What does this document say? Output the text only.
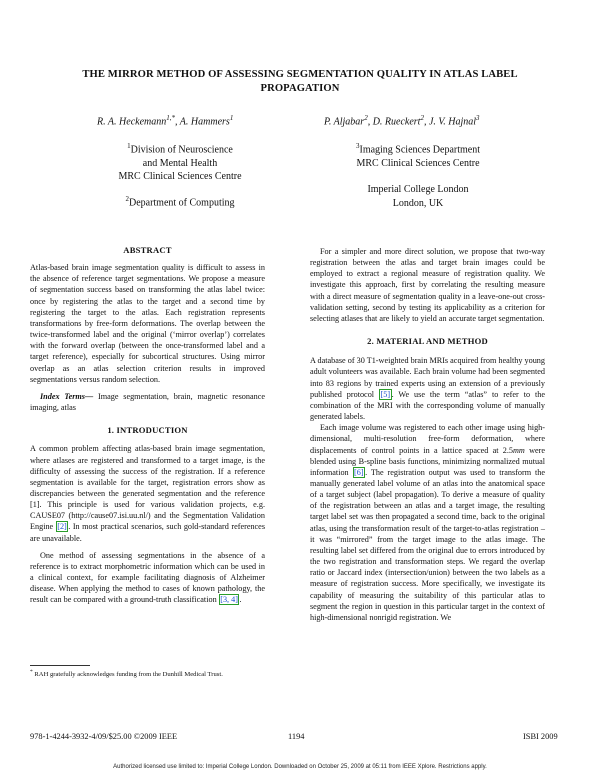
THE MIRROR METHOD OF ASSESSING SEGMENTATION QUALITY IN ATLAS LABEL PROPAGATION
R. A. Heckemann$^{1,*}$, A. Hammers$^1$	P. Aljabar$^2$, D. Rueckert$^2$, J. V. Hajnal$^3$
$^1$Division of Neuroscience
and Mental Health
MRC Clinical Sciences Centre
$^2$Department of Computing
$^3$Imaging Sciences Department
MRC Clinical Sciences Centre
Imperial College London
London, UK
ABSTRACT

Atlas-based brain image segmentation quality is difficult to assess in the absence of reference target segmentations. We propose a measure of segmentation success based on transforming the atlas label twice: once by registering the atlas to the target and a second time by registering the target to the atlas. Each registration represents transformations by free-form deformations. The overlap between the twice-transformed label and the original (‘mirror overlap’) correlates with the forward overlap (between the once-transformed label and a target reference), especially for subcortical structures. Using mirror overlap as an atlas selection criterion results in improved segmentations versus random selection.

Index Terms— Image segmentation, brain, magnetic resonance imaging, atlas

1. INTRODUCTION

A common problem affecting atlas-based brain image segmentation, where atlases are registered and transformed to a target image, is the difficulty of assessing the success of the registration. If a reference segmentation is available for the target, registration errors show as discrepancies between the generated segmentation and the reference [1]. This principle is used for various validation projects, e.g. CAUSE07 (http://cause07.isi.uu.nl/) and the Segmentation Validation Engine [2] . In most practical scenarios, such gold-standard references are unavailable.

One method of assessing segmentations in the absence of a reference is to extract morphometric information which can be used in a clinical context, for example facilitating diagnosis of Alzheimer disease. When applying the method to cases of known pathology, the result can be compared with a ground-truth classification [3, 4] .

* RAH gratefully acknowledges funding from the Dunhill Medical Trust.

For a simpler and more direct solution, we propose that two-way registration between the atlas and target brain images could be employed to extract a regional measure of registration quality. We investigate this approach, first by correlating the resulting measure with a direct measure of segmentation quality in a leave-one-out cross-validation setting, second by testing its applicability as a criterion for selecting atlases that are likely to yield an accurate target segmentation.

2. MATERIAL AND METHOD

A database of 30 T1-weighted brain MRIs acquired from healthy young adult volunteers was available. Each brain volume had been segmented into 83 regions by trained experts using an extension of a previously published protocol [5] . We use the term “atlas” to refer to the combination of the MRI with the corresponding volume of manually generated labels.

Each image volume was registered to each other image using high-dimensional, multi-resolution free-form deformation, where displacements of control points in a lattice spaced at 2.5mm were blended using B-spline basis functions, minimizing normalized mutual information [6] . The registration output was used to transform the manually generated label volume of an atlas into the anatomical space of a target subject (label propagation). To derive a measure of quality of the registration between an atlas and a target image, the resulting target label set was then propagated a second time, back to the original atlas, using the transformation result of the target-to-atlas registration – it was “mirrored” from the target image to the atlas image. The resulting label set differed from the original due to errors introduced by the two registration and transformation steps. We regard the overlap ratio or Jaccard index (intersection/union) between the two labels as a measure of registration success. More specifically, we investigate its capability of measuring the suitability of this particular atlas to segment the region in question in this particular target in the context of high-dimensional nonrigid registration. We

978-1-4244-3932-4/09/$25.00 ©2009 IEEE	1194	ISBI 2009
Authorized licensed use limited to: Imperial College London. Downloaded on October 25, 2009 at 05:11 from IEEE Xplore. Restrictions apply.
